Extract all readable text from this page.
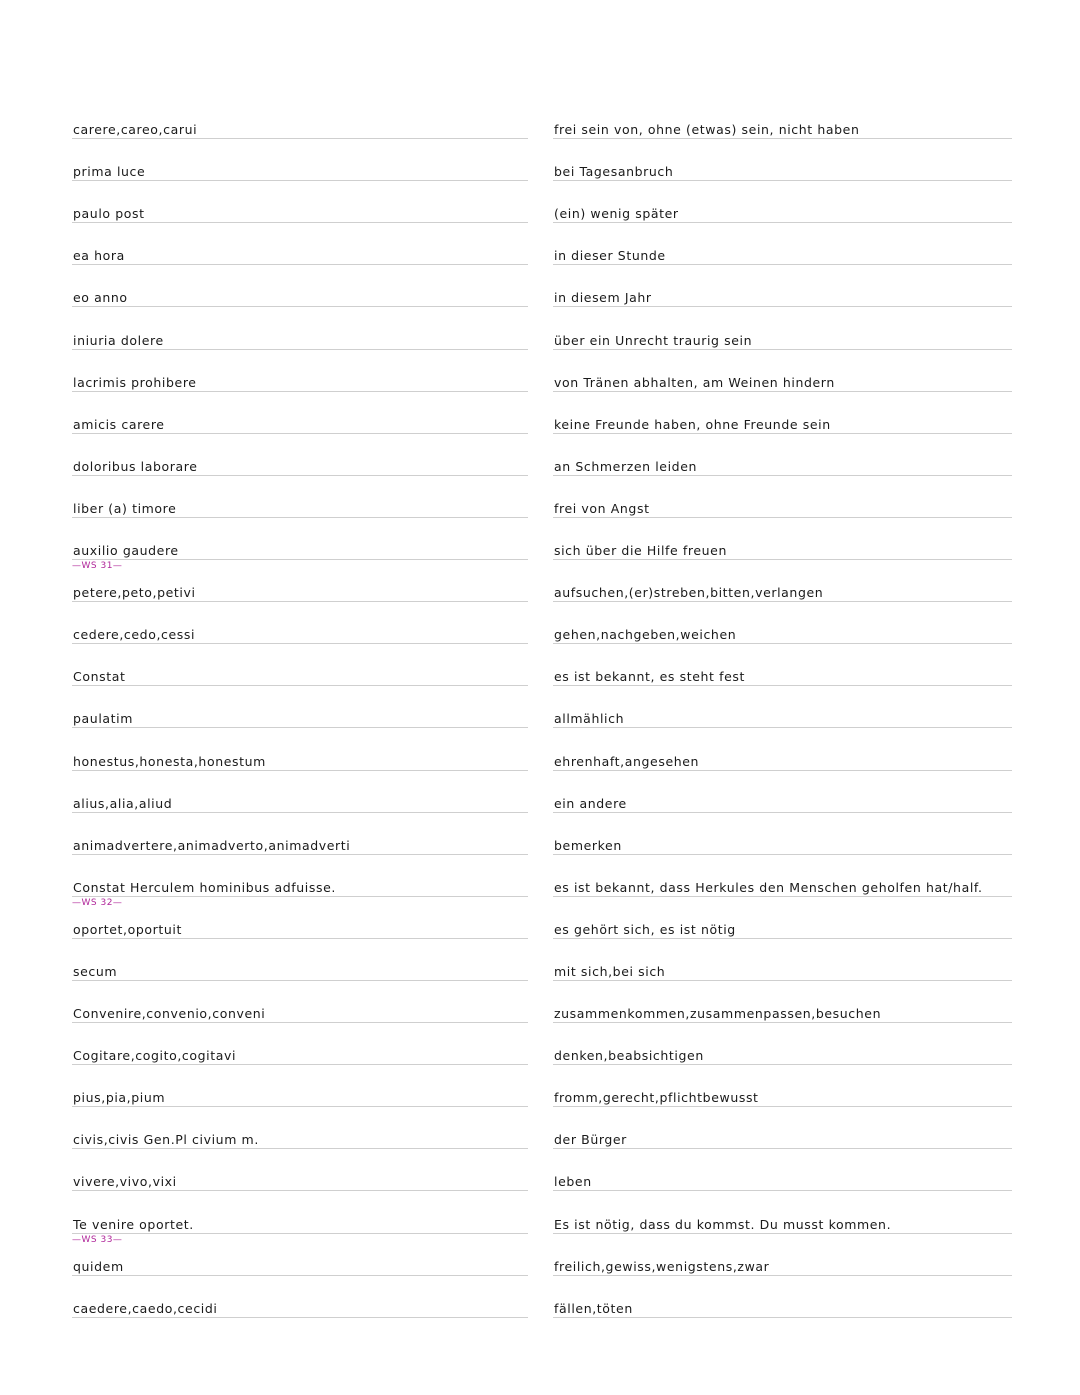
carere,careo,carui
prima luce
paulo post
ea hora
eo anno
iniuria dolere
lacrimis prohibere
amicis carere
doloribus laborare
liber (a) timore
auxilio gaudere
—WS 31—
petere,peto,petivi
cedere,cedo,cessi
Constat
paulatim
honestus,honesta,honestum
alius,alia,aliud
animadvertere,animadverto,animadverti
Constat Herculem hominibus adfuisse.
—WS 32—
oportet,oportuit
secum
Convenire,convenio,conveni
Cogitare,cogito,cogitavi
pius,pia,pium
civis,civis Gen.Pl civium m.
vivere,vivo,vixi
Te venire oportet.
—WS 33—
quidem
caedere,caedo,cecidi
frei sein von, ohne (etwas) sein, nicht haben
bei Tagesanbruch
(ein) wenig später
in dieser Stunde
in diesem Jahr
über ein Unrecht traurig sein
von Tränen abhalten, am Weinen hindern
keine Freunde haben, ohne Freunde sein
an Schmerzen leiden
frei von Angst
sich über die Hilfe freuen
aufsuchen,(er)streben,bitten,verlangen
gehen,nachgeben,weichen
es ist bekannt, es steht fest
allmählich
ehrenhaft,angesehen
ein andere
bemerken
es ist bekannt, dass Herkules den Menschen geholfen hat/half.
es gehört sich, es ist nötig
mit sich,bei sich
zusammenkommen,zusammenpassen,besuchen
denken,beabsichtigen
fromm,gerecht,pflichtbewusst
der Bürger
leben
Es ist nötig, dass du kommst. Du musst kommen.
freilich,gewiss,wenigstens,zwar
fällen,töten
